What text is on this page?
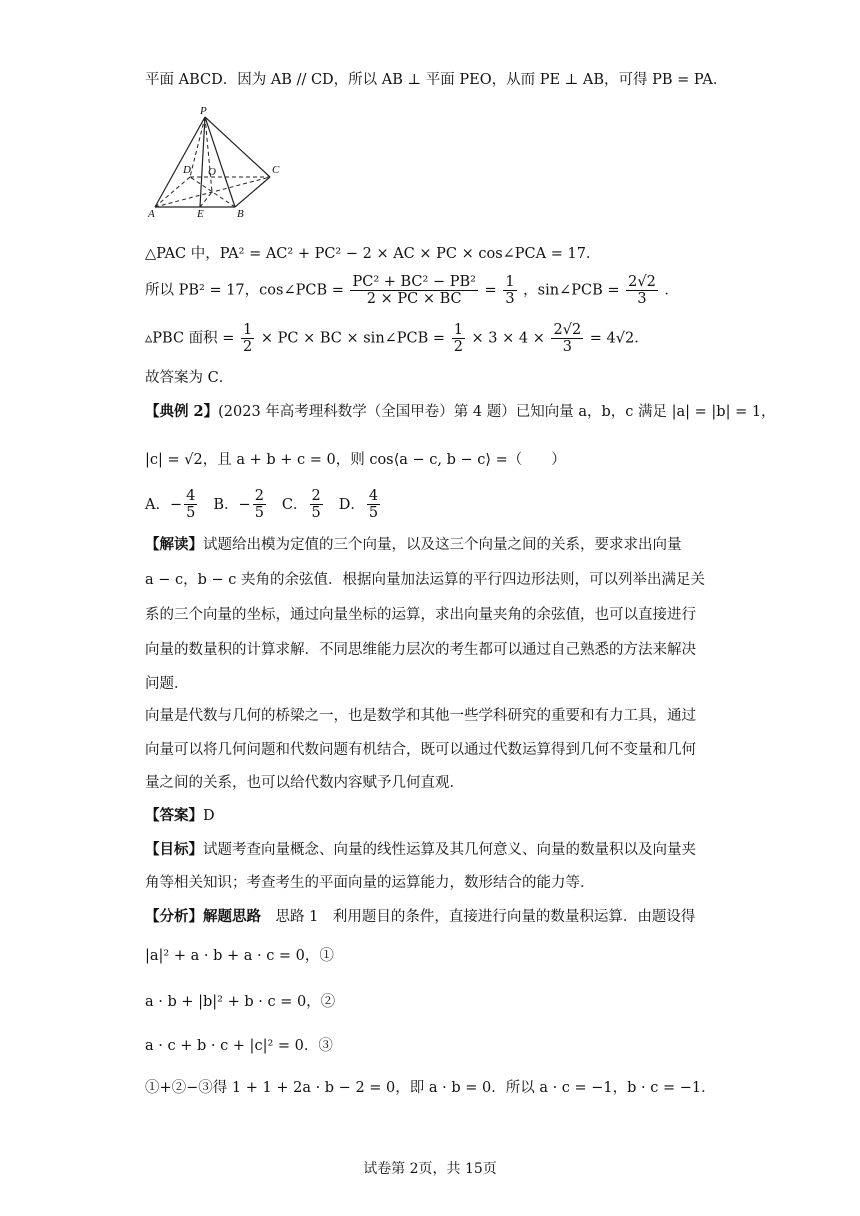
平面 ABCD．因为 AB // CD，所以 AB ⊥ 平面 PEO，从而 PE ⊥ AB，可得 PB = PA．
P
D O	C
A	E	B
△PAC 中，PA² = AC² + PC² − 2 × AC × PC × cos∠PCA = 17．
所以 PB² = 17，cos∠PCB = $\frac{\text{PC² + BC² − PB²}}{2 \times PC \times BC} = \frac{1}{3}$ ，sin∠PCB = $\frac{2√2}{3}$ ．
▵PBC 面积 = $\frac{1}{2}$ × PC × BC × sin∠PCB = $\frac{1}{2} \times 3 \times 4 \times \frac{2√2}{3} = 4√2$．
故答案为 C．
【典例 2】(2023 年高考理科数学（全国甲卷）第 4 题）已知向量 a，b，c 满足 |a| = |b| = 1，
|c| = √2，且 a + b + c = 0，则 cos⟨a − c, b − c⟩ =（　　）
A．− $\frac{4}{5}$ B．− $\frac{2}{5}$ C． $\frac{2}{5}$ D． $\frac{4}{5}$
【解读】试题给出模为定值的三个向量，以及这三个向量之间的关系，要求求出向量
a − c，b − c 夹角的余弦值．根据向量加法运算的平行四边形法则，可以列举出满足关
系的三个向量的坐标，通过向量坐标的运算，求出向量夹角的余弦值，也可以直接进行
向量的数量积的计算求解．不同思维能力层次的考生都可以通过自己熟悉的方法来解决
问题．
向量是代数与几何的桥梁之一，也是数学和其他一些学科研究的重要和有力工具，通过
向量可以将几何问题和代数问题有机结合，既可以通过代数运算得到几何不变量和几何
量之间的关系，也可以给代数内容赋予几何直观．
【答案】D
【目标】试题考查向量概念、向量的线性运算及其几何意义、向量的数量积以及向量夹
角等相关知识；考查考生的平面向量的运算能力，数形结合的能力等．
【分析】解题思路　思路 1　利用题目的条件，直接进行向量的数量积运算．由题设得
|a|² + a · b + a · c = 0，①
a · b + |b|² + b · c = 0，②
a · c + b · c + |c|² = 0．③
①+②−③得 1 + 1 + 2a · b − 2 = 0，即 a · b = 0．所以 a · c = −1，b · c = −1．
试卷第 2页，共 15页
